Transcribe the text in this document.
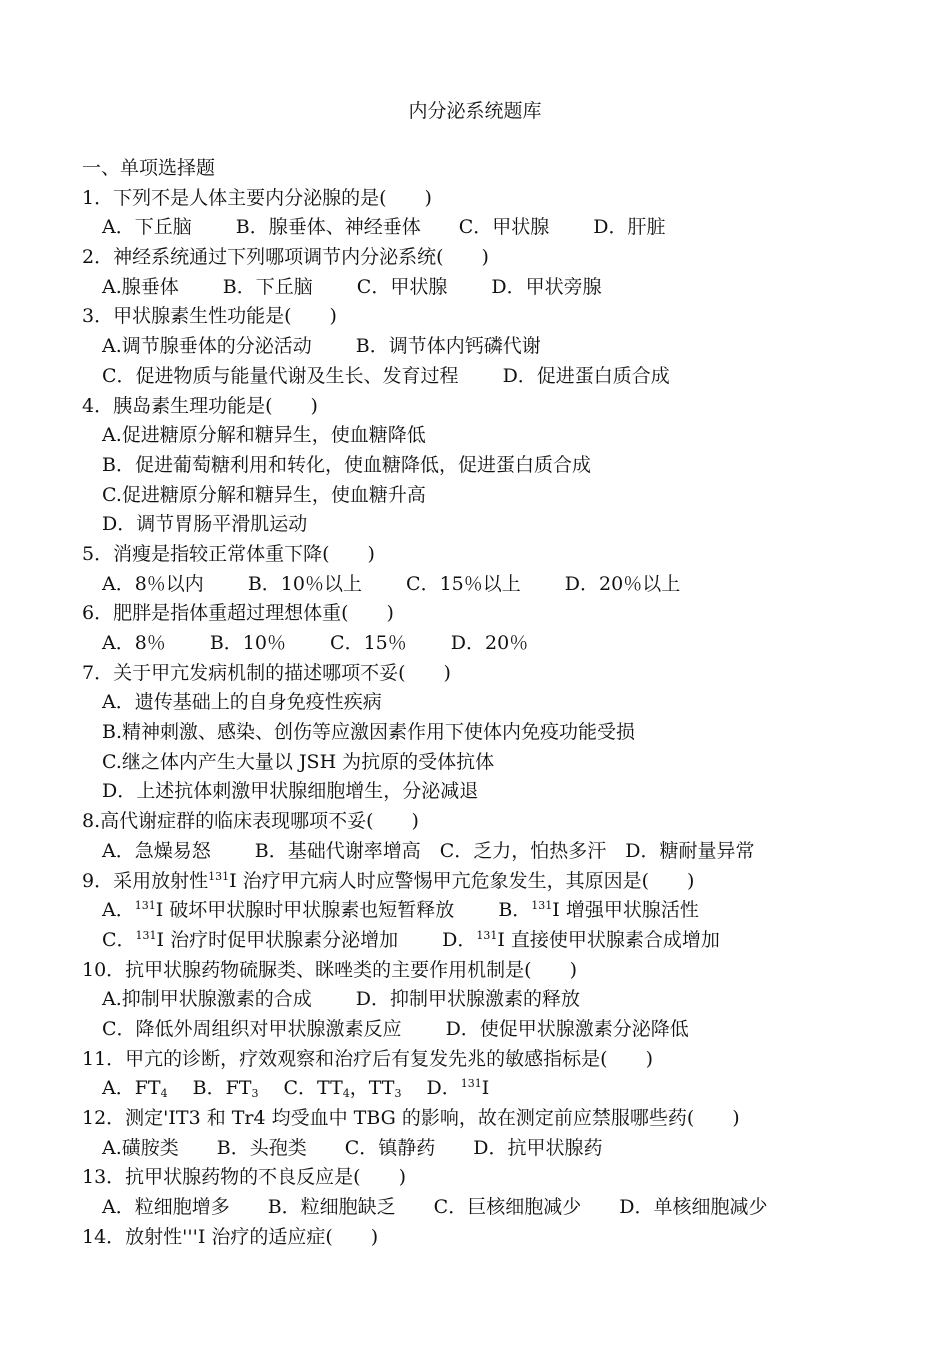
内分泌系统题库
一、单项选择题
1．下列不是人体主要内分泌腺的是(　　)
A．下丘脑　　 B．腺垂体、神经垂体　　C．甲状腺　　 D．肝脏
2．神经系统通过下列哪项调节内分泌系统(　　)
A.腺垂体　　 B．下丘脑　　 C．甲状腺　　 D．甲状旁腺
3．甲状腺素生性功能是(　　)
A.调节腺垂体的分泌活动　　 B．调节体内钙磷代谢
C．促进物质与能量代谢及生长、发育过程　　 D．促进蛋白质合成
4．胰岛素生理功能是(　　)
A.促进糖原分解和糖异生，使血糖降低
B．促进葡萄糖利用和转化，使血糖降低，促进蛋白质合成
C.促进糖原分解和糖异生，使血糖升高
D．调节胃肠平滑肌运动
5．消瘦是指较正常体重下降(　　)
A．8％以内　　 B．10％以上　　 C．15％以上　　 D．20％以上
6．肥胖是指体重超过理想体重(　　)
A．8％　　 B．10％　　 C．15％　　 D．20％
7．关于甲亢发病机制的描述哪项不妥(　　)
A．遗传基础上的自身免疫性疾病
B.精神刺激、感染、创伤等应激因素作用下使体内免疫功能受损
C.继之体内产生大量以 JSH 为抗原的受体抗体
D．上述抗体刺激甲状腺细胞增生，分泌减退
8.高代谢症群的临床表现哪项不妥(　　)
A．急燥易怒　　 B．基础代谢率增高　C．乏力，怕热多汗　D．糖耐量异常
9．采用放射性$^{131}$I 治疗甲亢病人时应警惕甲亢危象发生，其原因是(　　)
A．$^{131}$I 破坏甲状腺时甲状腺素也短暂释放　　 B．$^{131}$I 增强甲状腺活性
C．$^{131}$I 治疗时促甲状腺素分泌增加　　 D．$^{131}$I 直接使甲状腺素合成增加
10．抗甲状腺药物硫脲类、眯唑类的主要作用机制是(　　)
A.抑制甲状腺激素的合成　　 D．抑制甲状腺激素的释放
C．降低外周组织对甲状腺激素反应　　 D．使促甲状腺激素分泌降低
11．甲亢的诊断，疗效观察和治疗后有复发先兆的敏感指标是(　　)
A．$FT_4$　 B．$FT_3$　 C．$TT_4$，$TT_3$　 D．$^{131}$I
12．测定'IT3 和 Tr4 均受血中 TBG 的影响，故在测定前应禁服哪些药(　　)
A.磺胺类　　B．头孢类　　C．镇静药　　D．抗甲状腺药
13．抗甲状腺药物的不良反应是(　　)
A．粒细胞增多　　B．粒细胞缺乏　　C．巨核细胞减少　　D．单核细胞减少
14．放射性'''I 治疗的适应症(　　)
